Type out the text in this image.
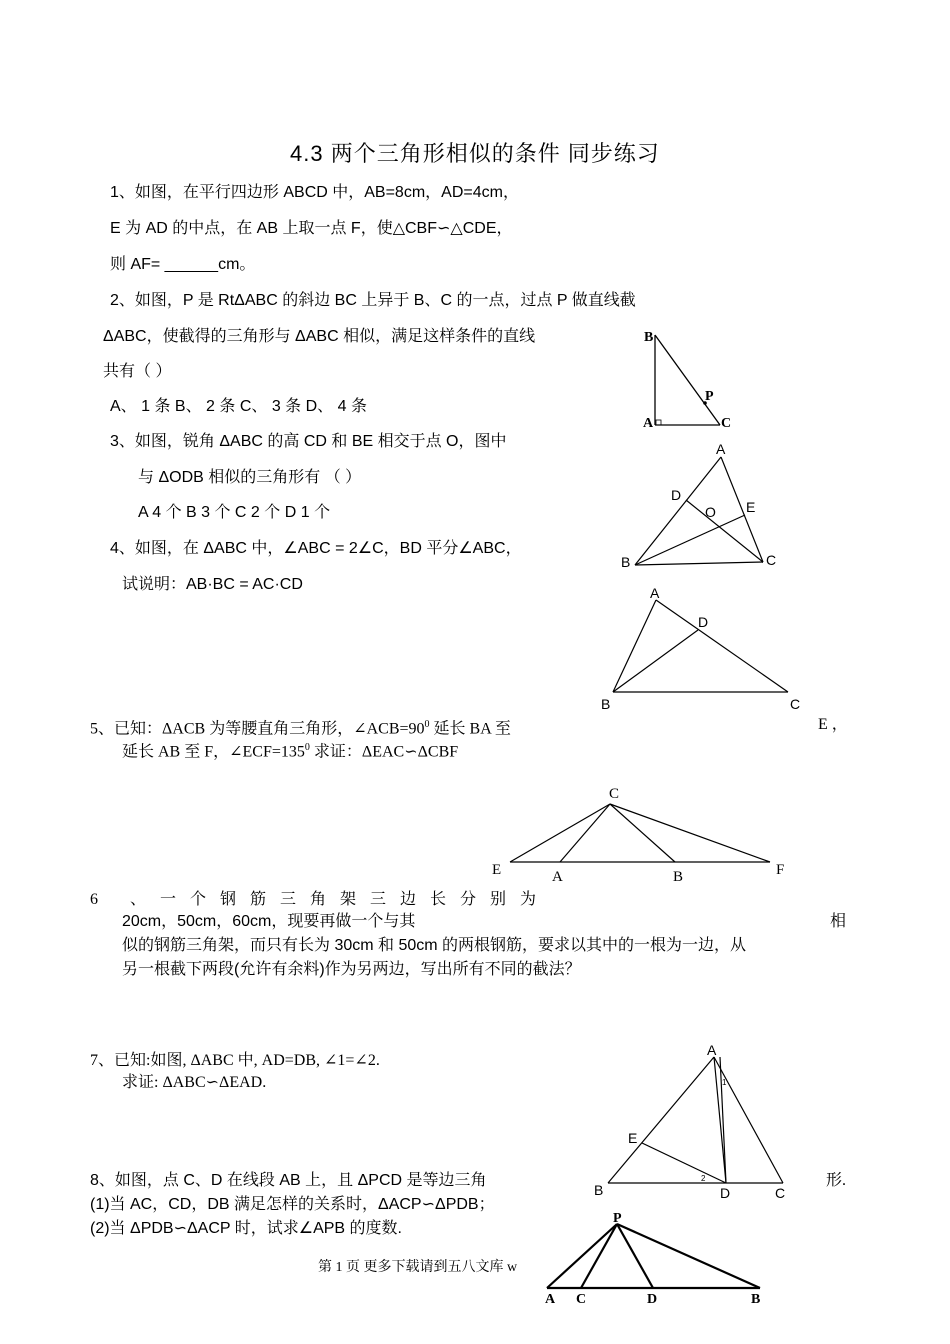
4.3 两个三角形相似的条件 同步练习
1、如图，在平行四边形 ABCD 中，AB=8cm，AD=4cm，
E 为 AD 的中点，在 AB 上取一点 F，使△CBF∽△CDE，
则 AF= ______cm。
2、如图，P 是 RtΔABC 的斜边 BC 上异于 B、C 的一点，过点 P 做直线截
ΔABC，使截得的三角形与 ΔABC 相似，满足这样条件的直线
共有（ ）
A、 1 条 B、 2 条 C、 3 条 D、 4 条
B
P
A	C
3、如图，锐角 ΔABC 的高 CD 和 BE 相交于点 O，图中
与 ΔODB 相似的三角形有 （ ）
A 4 个 B 3 个 C 2 个 D 1 个
A
D
O E
B	C
4、如图，在 ΔABC 中，∠ABC = 2∠C，BD 平分∠ABC，
试说明：AB·BC = AC·CD	A
D
B	C
5、已知：ΔACB 为等腰直角三角形，$\angle ACB=90^0$ 延长 BA 至	E ，
延长 AB 至 F，$\angle ECF=135^0$ 求证：ΔEAC∽ΔCBF
C
E	A	B	F
6 、一个钢筋三角架三边长分别为
20cm，50cm，60cm，现要再做一个与其	相
似的钢筋三角架，而只有长为 30cm 和 50cm 的两根钢筋，要求以其中的一根为一边，从
另一根截下两段(允许有余料)作为另两边，写出所有不同的截法？
7、已知:如图, ΔABC 中, AD=DB, ∠1=∠2.
求证: ΔABC∽ΔEAD.
A
1
E
2
B	D	C
8、如图，点 C、D 在线段 AB 上，且 ΔPCD 是等边三角	形.
(1)当 AC，CD，DB 满足怎样的关系时，ΔACP∽ΔPDB；
(2)当 ΔPDB∽ΔACP 时，试求∠APB 的度数.
P
A C	D	B
第 1 页 更多下载请到五八文库 w
